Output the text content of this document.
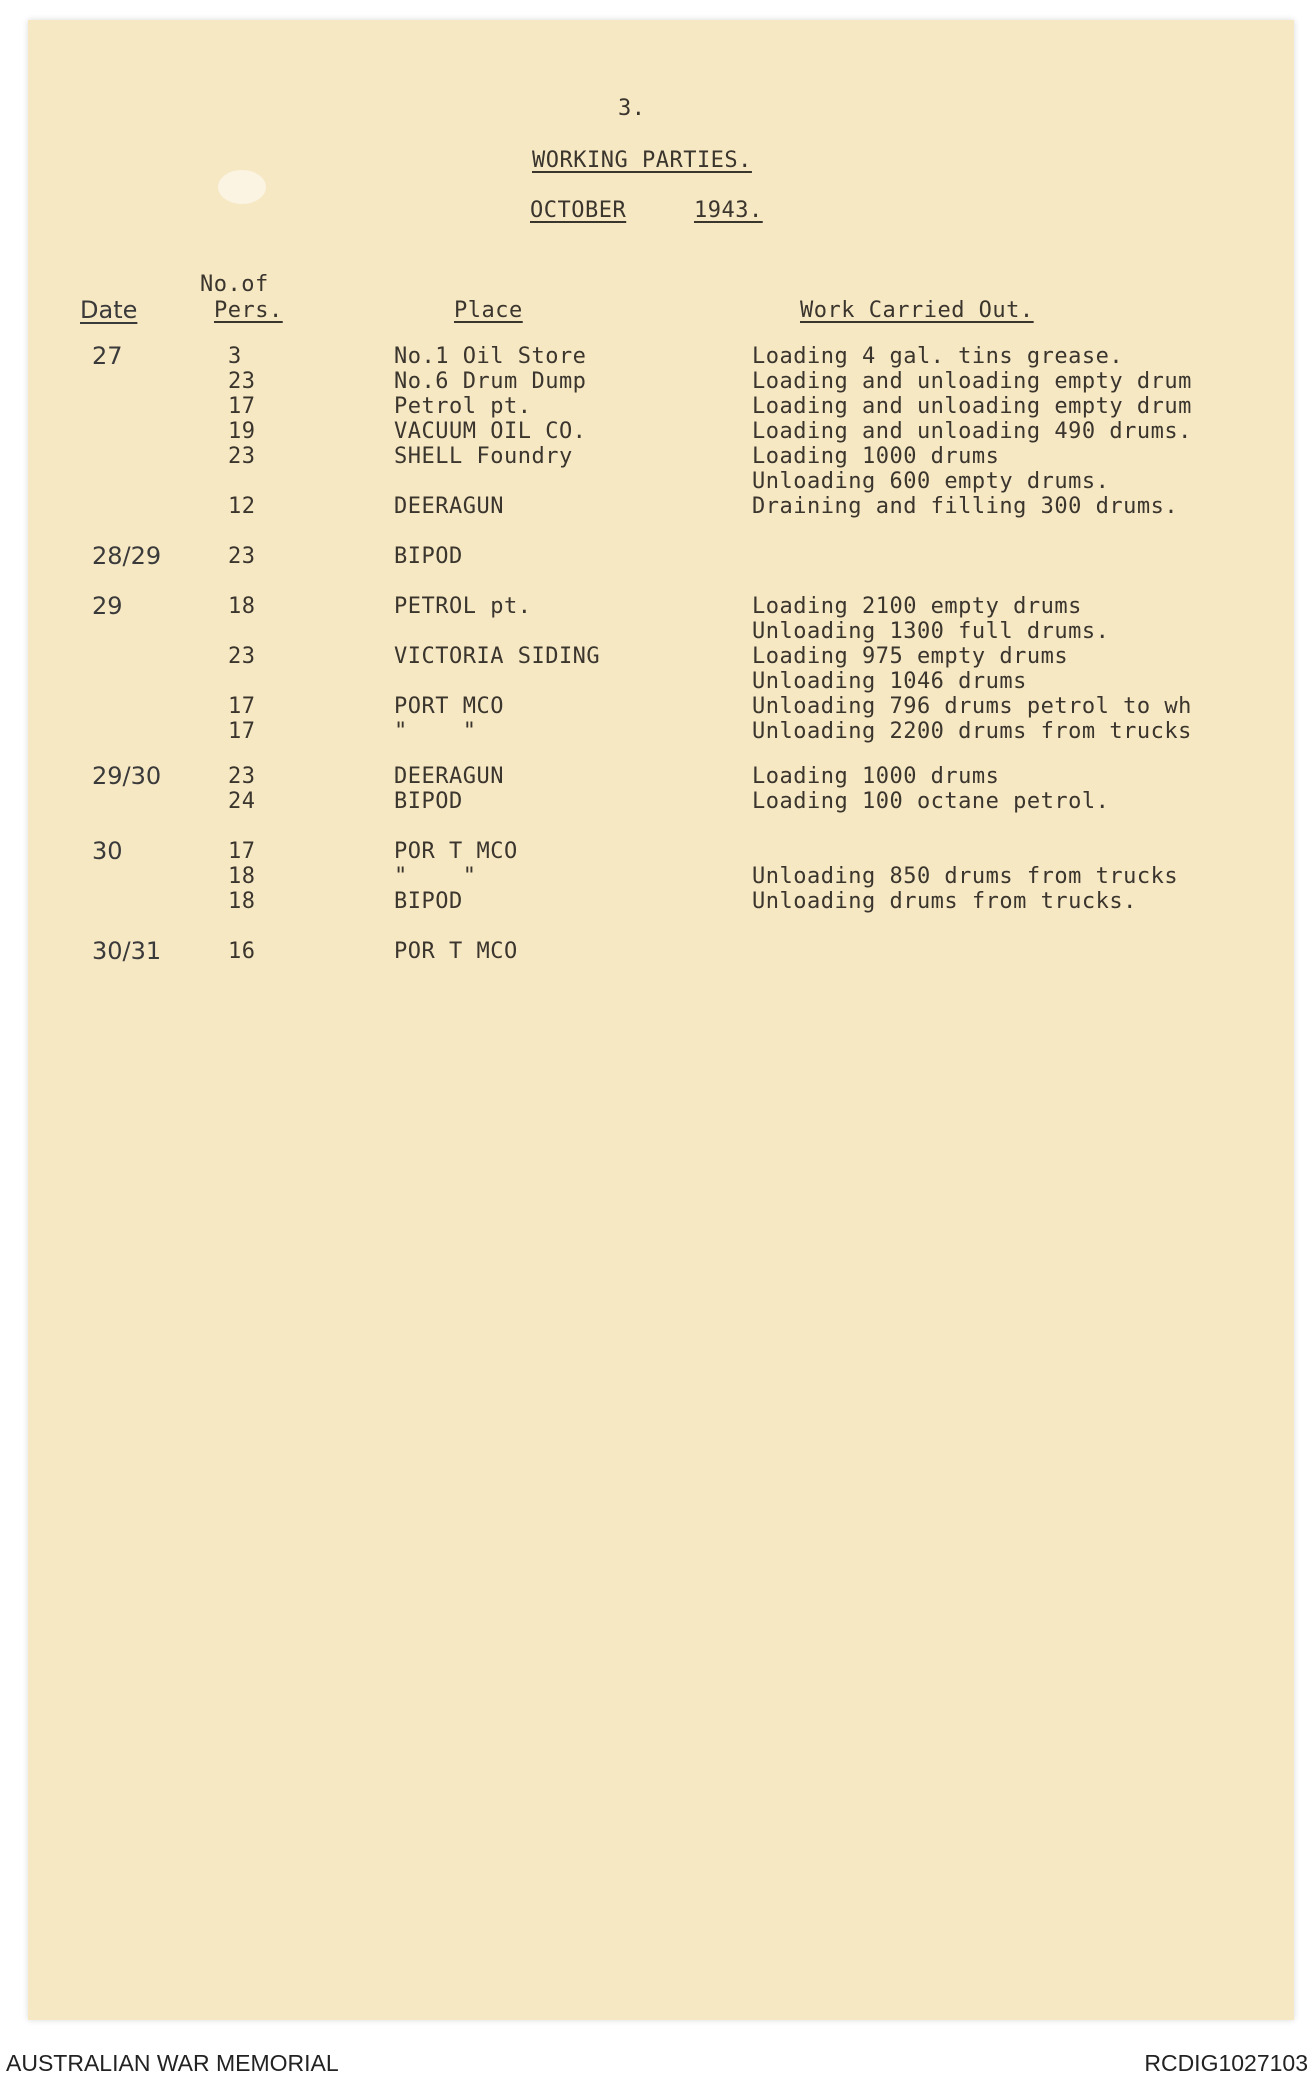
3.
WORKING PARTIES.
OCTOBER	1943.
No.of
Date	Pers.	Place	Work Carried Out.
27	3	No.1 Oil Store	Loading 4 gal. tins grease.
23	No.6 Drum Dump	Loading and unloading empty drum
17	Petrol pt.	Loading and unloading empty drum
19	VACUUM OIL CO.	Loading and unloading 490 drums.
23	SHELL Foundry	Loading 1000 drums
Unloading 600 empty drums.
12	DEERAGUN	Draining and filling 300 drums.
28/29	23	BIPOD
29	18	PETROL pt.	Loading 2100 empty drums
Unloading 1300 full drums.
23	VICTORIA SIDING	Loading 975 empty drums
Unloading 1046 drums
17	PORT MCO	Unloading 796 drums petrol to wh
17	"    "	Unloading 2200 drums from trucks
29/30	23	DEERAGUN	Loading 1000 drums
24	BIPOD	Loading 100 octane petrol.
30	17	POR T MCO
18	"    "	Unloading 850 drums from trucks
18	BIPOD	Unloading drums from trucks.
30/31	16	POR T MCO
AUSTRALIAN WAR MEMORIAL	RCDIG1027103
